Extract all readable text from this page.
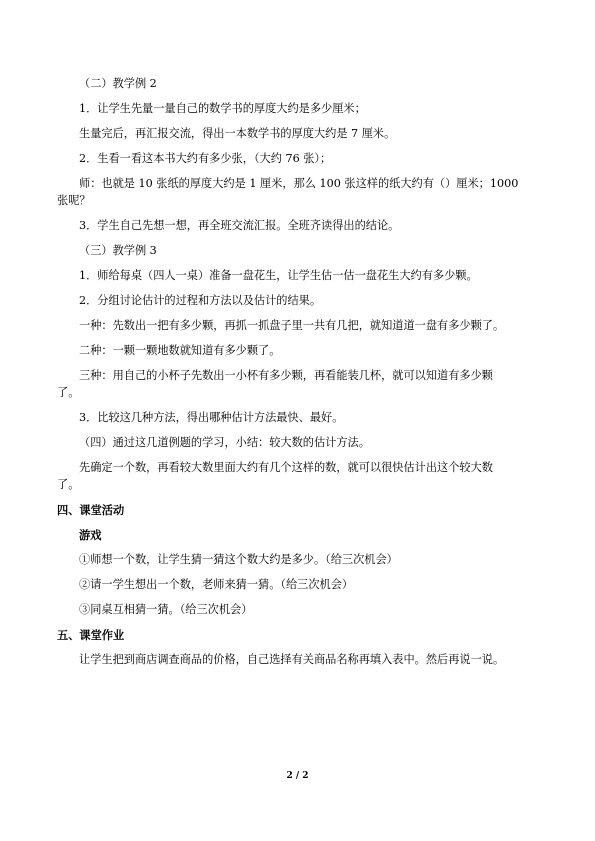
（二）教学例 2
1．让学生先量一量自己的数学书的厚度大约是多少厘米；
生量完后，再汇报交流，得出一本数学书的厚度大约是 7 厘米。
2．生看一看这本书大约有多少张，（大约 76 张）；
师：也就是 10 张纸的厚度大约是 1 厘米，那么 100 张这样的纸大约有（）厘米；1000
张呢？
3．学生自己先想一想，再全班交流汇报。全班齐读得出的结论。
（三）教学例 3
1．师给每桌（四人一桌）准备一盘花生，让学生估一估一盘花生大约有多少颗。
2．分组讨论估计的过程和方法以及估计的结果。
一种：先数出一把有多少颗，再抓一抓盘子里一共有几把，就知道道一盘有多少颗了。
二种：一颗一颗地数就知道有多少颗了。
三种：用自己的小杯子先数出一小杯有多少颗，再看能装几杯，就可以知道有多少颗
了。
3．比较这几种方法，得出哪种估计方法最快、最好。
（四）通过这几道例题的学习，小结：较大数的估计方法。
先确定一个数，再看较大数里面大约有几个这样的数，就可以很快估计出这个较大数
了。
四、课堂活动
游戏
①师想一个数，让学生猜一猜这个数大约是多少。（给三次机会）
②请一学生想出一个数，老师来猜一猜。（给三次机会）
③同桌互相猜一猜。（给三次机会）
五、课堂作业
让学生把到商店调查商品的价格，自己选择有关商品名称再填入表中。然后再说一说。
2 / 2
